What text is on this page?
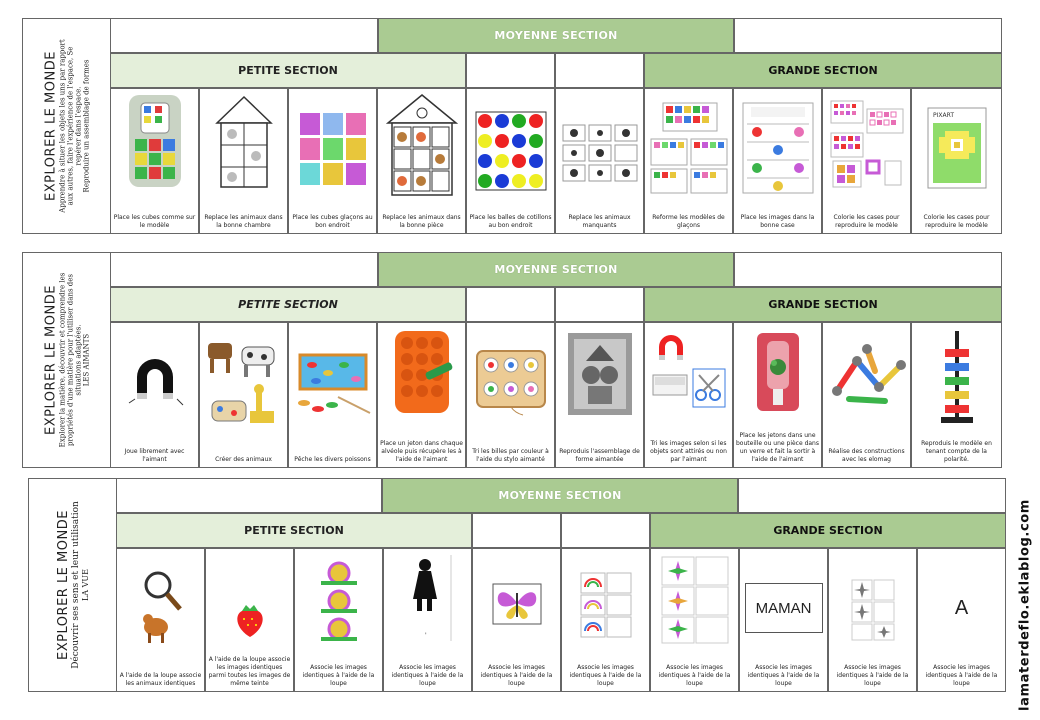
EXPLORER LE MONDE Apprendre à situer les objets les uns par rapport aux autres, faire l'expérience de l'espace, Se repérer dans l'espace. Reproduire un assemblage de formes
MOYENNE SECTION
PETITE SECTION	GRANDE SECTION
Place les cubes comme sur le modèle
Replace les animaux dans la bonne chambre
Place les cubes glaçons au bon endroit
Replace les animaux dans la bonne pièce
Place les balles de cotillons au bon endroit
Replace les animaux manquants
Reforme les modèles de glaçons
Place les images dans la bonne case
Colorie les cases pour reproduire le modèle
PIXART
Colorie les cases pour reproduire le modèle
EXPLORER LE MONDE Explorer la matière, découvrir et comprendre les propriétés d'une matière pour l'utiliser dans des situations adaptées. LES AIMANTS
MOYENNE SECTION
PETITE SECTION	GRANDE SECTION
Joue librement avec l'aimant	Créer des animaux	Pêche les divers poissons
Place un jeton dans chaque alvéole puis récupère les à l'aide de l'aimant
Tri les billes par couleur à l'aide du stylo aimanté
Reproduis l'assemblage de forme aimantée
Tri les images selon si les objets sont attirés ou non par l'aimant
Place les jetons dans une bouteille ou une pièce dans un verre et fait la sortir à l'aide de l'aimant
Réalise des constructions avec les elomag
Reproduis le modèle en tenant compte de la polarité.
EXPLORER LE MONDE Découvrir ses sens et leur utilisation LA VUE
MOYENNE SECTION
PETITE SECTION	GRANDE SECTION
A l'aide de la loupe associe les animaux identiques
A l'aide de la loupe associe les images identiques parmi toutes les images de même teinte
Associe les images identiques à l'aide de la loupe
'
Associe les images identiques à l'aide de la loupe
Associe les images identiques à l'aide de la loupe
Associe les images identiques à l'aide de la loupe
Associe les images identiques à l'aide de la loupe
MAMAN
Associe les images identiques à l'aide de la loupe
Associe les images identiques à l'aide de la loupe
A
Associe les images identiques à l'aide de la loupe	lamaterdeflo.eklablog.com
